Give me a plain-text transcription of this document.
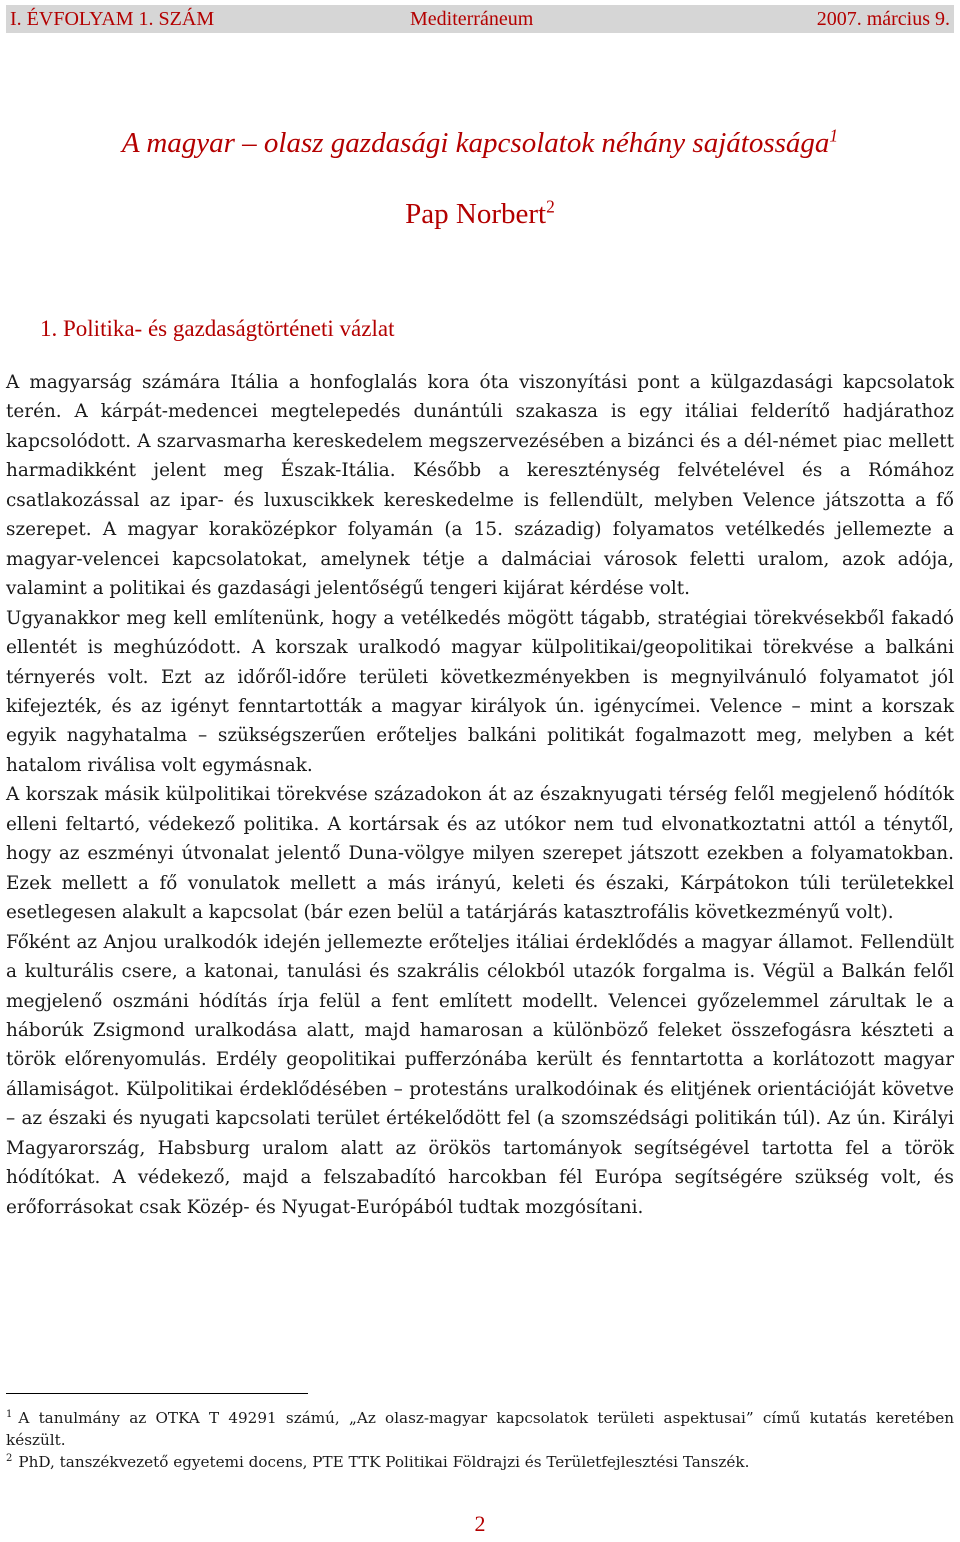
I. ÉVFOLYAM 1. SZÁM	Mediterráneum	2007. március 9.
A magyar – olasz gazdasági kapcsolatok néhány sajátossága$^1$
Pap Norbert$^2$
1. Politika- és gazdaságtörténeti vázlat

A magyarság számára Itália a honfoglalás kora óta viszonyítási pont a külgazdasági kapcsolatok terén. A kárpát-medencei megtelepedés dunántúli szakasza is egy itáliai felderítő hadjárathoz kapcsolódott. A szarvasmarha kereskedelem megszervezésében a bizánci és a dél-német piac mellett harmadikként jelent meg Észak-Itália. Később a kereszténység felvételével és a Rómához csatlakozással az ipar- és luxuscikkek kereskedelme is fellendült, melyben Velence játszotta a fő szerepet. A magyar koraközépkor folyamán (a 15. századig) folyamatos vetélkedés jellemezte a magyar-velencei kapcsolatokat, amelynek tétje a dalmáciai városok feletti uralom, azok adója, valamint a politikai és gazdasági jelentőségű tengeri kijárat kérdése volt.

Ugyanakkor meg kell említenünk, hogy a vetélkedés mögött tágabb, stratégiai törekvésekből fakadó ellentét is meghúzódott. A korszak uralkodó magyar külpolitikai/geopolitikai törekvése a balkáni térnyerés volt. Ezt az időről-időre területi következményekben is megnyilvánuló folyamatot jól kifejezték, és az igényt fenntartották a magyar királyok ún. igénycímei. Velence – mint a korszak egyik nagyhatalma – szükségszerűen erőteljes balkáni politikát fogalmazott meg, melyben a két hatalom riválisa volt egymásnak.

A korszak másik külpolitikai törekvése századokon át az északnyugati térség felől megjelenő hódítók elleni feltartó, védekező politika. A kortársak és az utókor nem tud elvonatkoztatni attól a ténytől, hogy az eszményi útvonalat jelentő Duna-völgye milyen szerepet játszott ezekben a folyamatokban. Ezek mellett a fő vonulatok mellett a más irányú, keleti és északi, Kárpátokon túli területekkel esetlegesen alakult a kapcsolat (bár ezen belül a tatárjárás katasztrofális következményű volt).

Főként az Anjou uralkodók idején jellemezte erőteljes itáliai érdeklődés a magyar államot. Fellendült a kulturális csere, a katonai, tanulási és szakrális célokból utazók forgalma is. Végül a Balkán felől megjelenő oszmáni hódítás írja felül a fent említett modellt. Velencei győzelemmel zárultak le a háborúk Zsigmond uralkodása alatt, majd hamarosan a különböző feleket összefogásra készteti a török előrenyomulás. Erdély geopolitikai pufferzónába került és fenntartotta a korlátozott magyar államiságot. Külpolitikai érdeklődésében – protestáns uralkodóinak és elitjének orientációját követve – az északi és nyugati kapcsolati terület értékelődött fel (a szomszédsági politikán túl). Az ún. Királyi Magyarország, Habsburg uralom alatt az örökös tartományok segítségével tartotta fel a török hódítókat. A védekező, majd a felszabadító harcokban fél Európa segítségére szükség volt, és erőforrásokat csak Közép- és Nyugat-Európából tudtak mozgósítani.

$^1$ A tanulmány az OTKA T 49291 számú, „Az olasz-magyar kapcsolatok területi aspektusai” című kutatás keretében készült.

$^2$ PhD, tanszékvezető egyetemi docens, PTE TTK Politikai Földrajzi és Területfejlesztési Tanszék.

2
